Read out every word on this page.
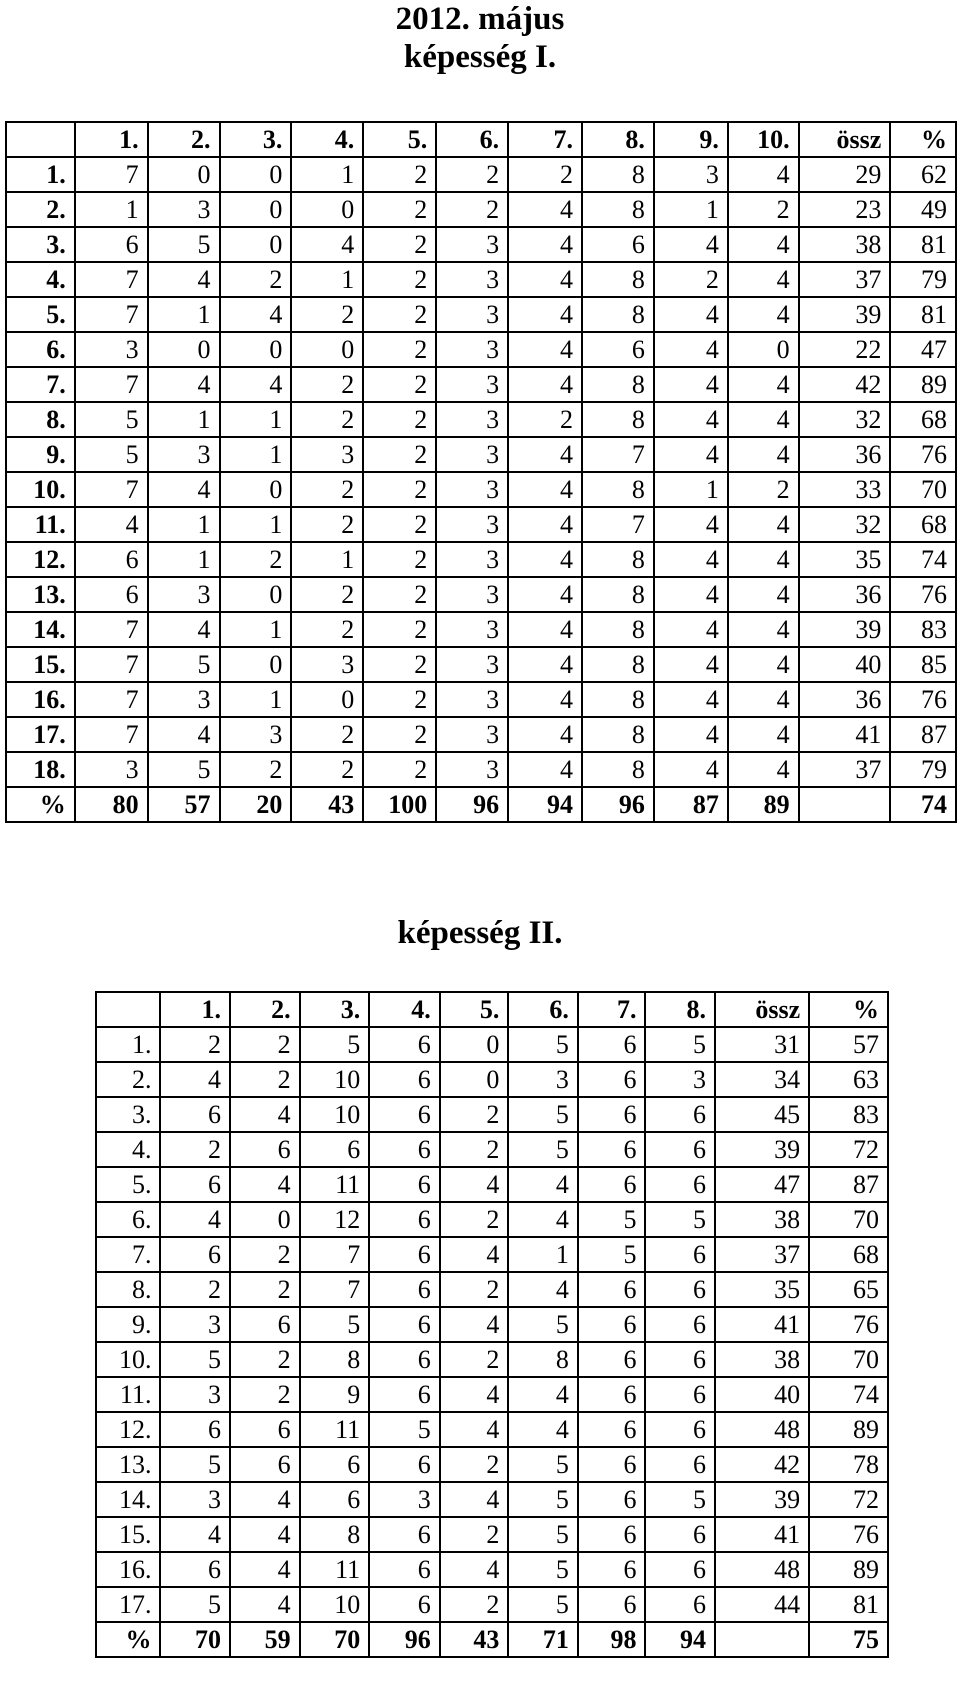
2012. május
képesség I.
	1.	2.	3.	4.	5.	6.	7.	8.	9.	10.	össz	%
1.	7	0	0	1	2	2	2	8	3	4	29	62
2.	1	3	0	0	2	2	4	8	1	2	23	49
3.	6	5	0	4	2	3	4	6	4	4	38	81
4.	7	4	2	1	2	3	4	8	2	4	37	79
5.	7	1	4	2	2	3	4	8	4	4	39	81
6.	3	0	0	0	2	3	4	6	4	0	22	47
7.	7	4	4	2	2	3	4	8	4	4	42	89
8.	5	1	1	2	2	3	2	8	4	4	32	68
9.	5	3	1	3	2	3	4	7	4	4	36	76
10.	7	4	0	2	2	3	4	8	1	2	33	70
11.	4	1	1	2	2	3	4	7	4	4	32	68
12.	6	1	2	1	2	3	4	8	4	4	35	74
13.	6	3	0	2	2	3	4	8	4	4	36	76
14.	7	4	1	2	2	3	4	8	4	4	39	83
15.	7	5	0	3	2	3	4	8	4	4	40	85
16.	7	3	1	0	2	3	4	8	4	4	36	76
17.	7	4	3	2	2	3	4	8	4	4	41	87
18.	3	5	2	2	2	3	4	8	4	4	37	79
%	80	57	20	43	100	96	94	96	87	89		74
képesség II.
	1.	2.	3.	4.	5.	6.	7.	8.	össz	%
1.	2	2	5	6	0	5	6	5	31	57
2.	4	2	10	6	0	3	6	3	34	63
3.	6	4	10	6	2	5	6	6	45	83
4.	2	6	6	6	2	5	6	6	39	72
5.	6	4	11	6	4	4	6	6	47	87
6.	4	0	12	6	2	4	5	5	38	70
7.	6	2	7	6	4	1	5	6	37	68
8.	2	2	7	6	2	4	6	6	35	65
9.	3	6	5	6	4	5	6	6	41	76
10.	5	2	8	6	2	8	6	6	38	70
11.	3	2	9	6	4	4	6	6	40	74
12.	6	6	11	5	4	4	6	6	48	89
13.	5	6	6	6	2	5	6	6	42	78
14.	3	4	6	3	4	5	6	5	39	72
15.	4	4	8	6	2	5	6	6	41	76
16.	6	4	11	6	4	5	6	6	48	89
17.	5	4	10	6	2	5	6	6	44	81
%	70	59	70	96	43	71	98	94		75
